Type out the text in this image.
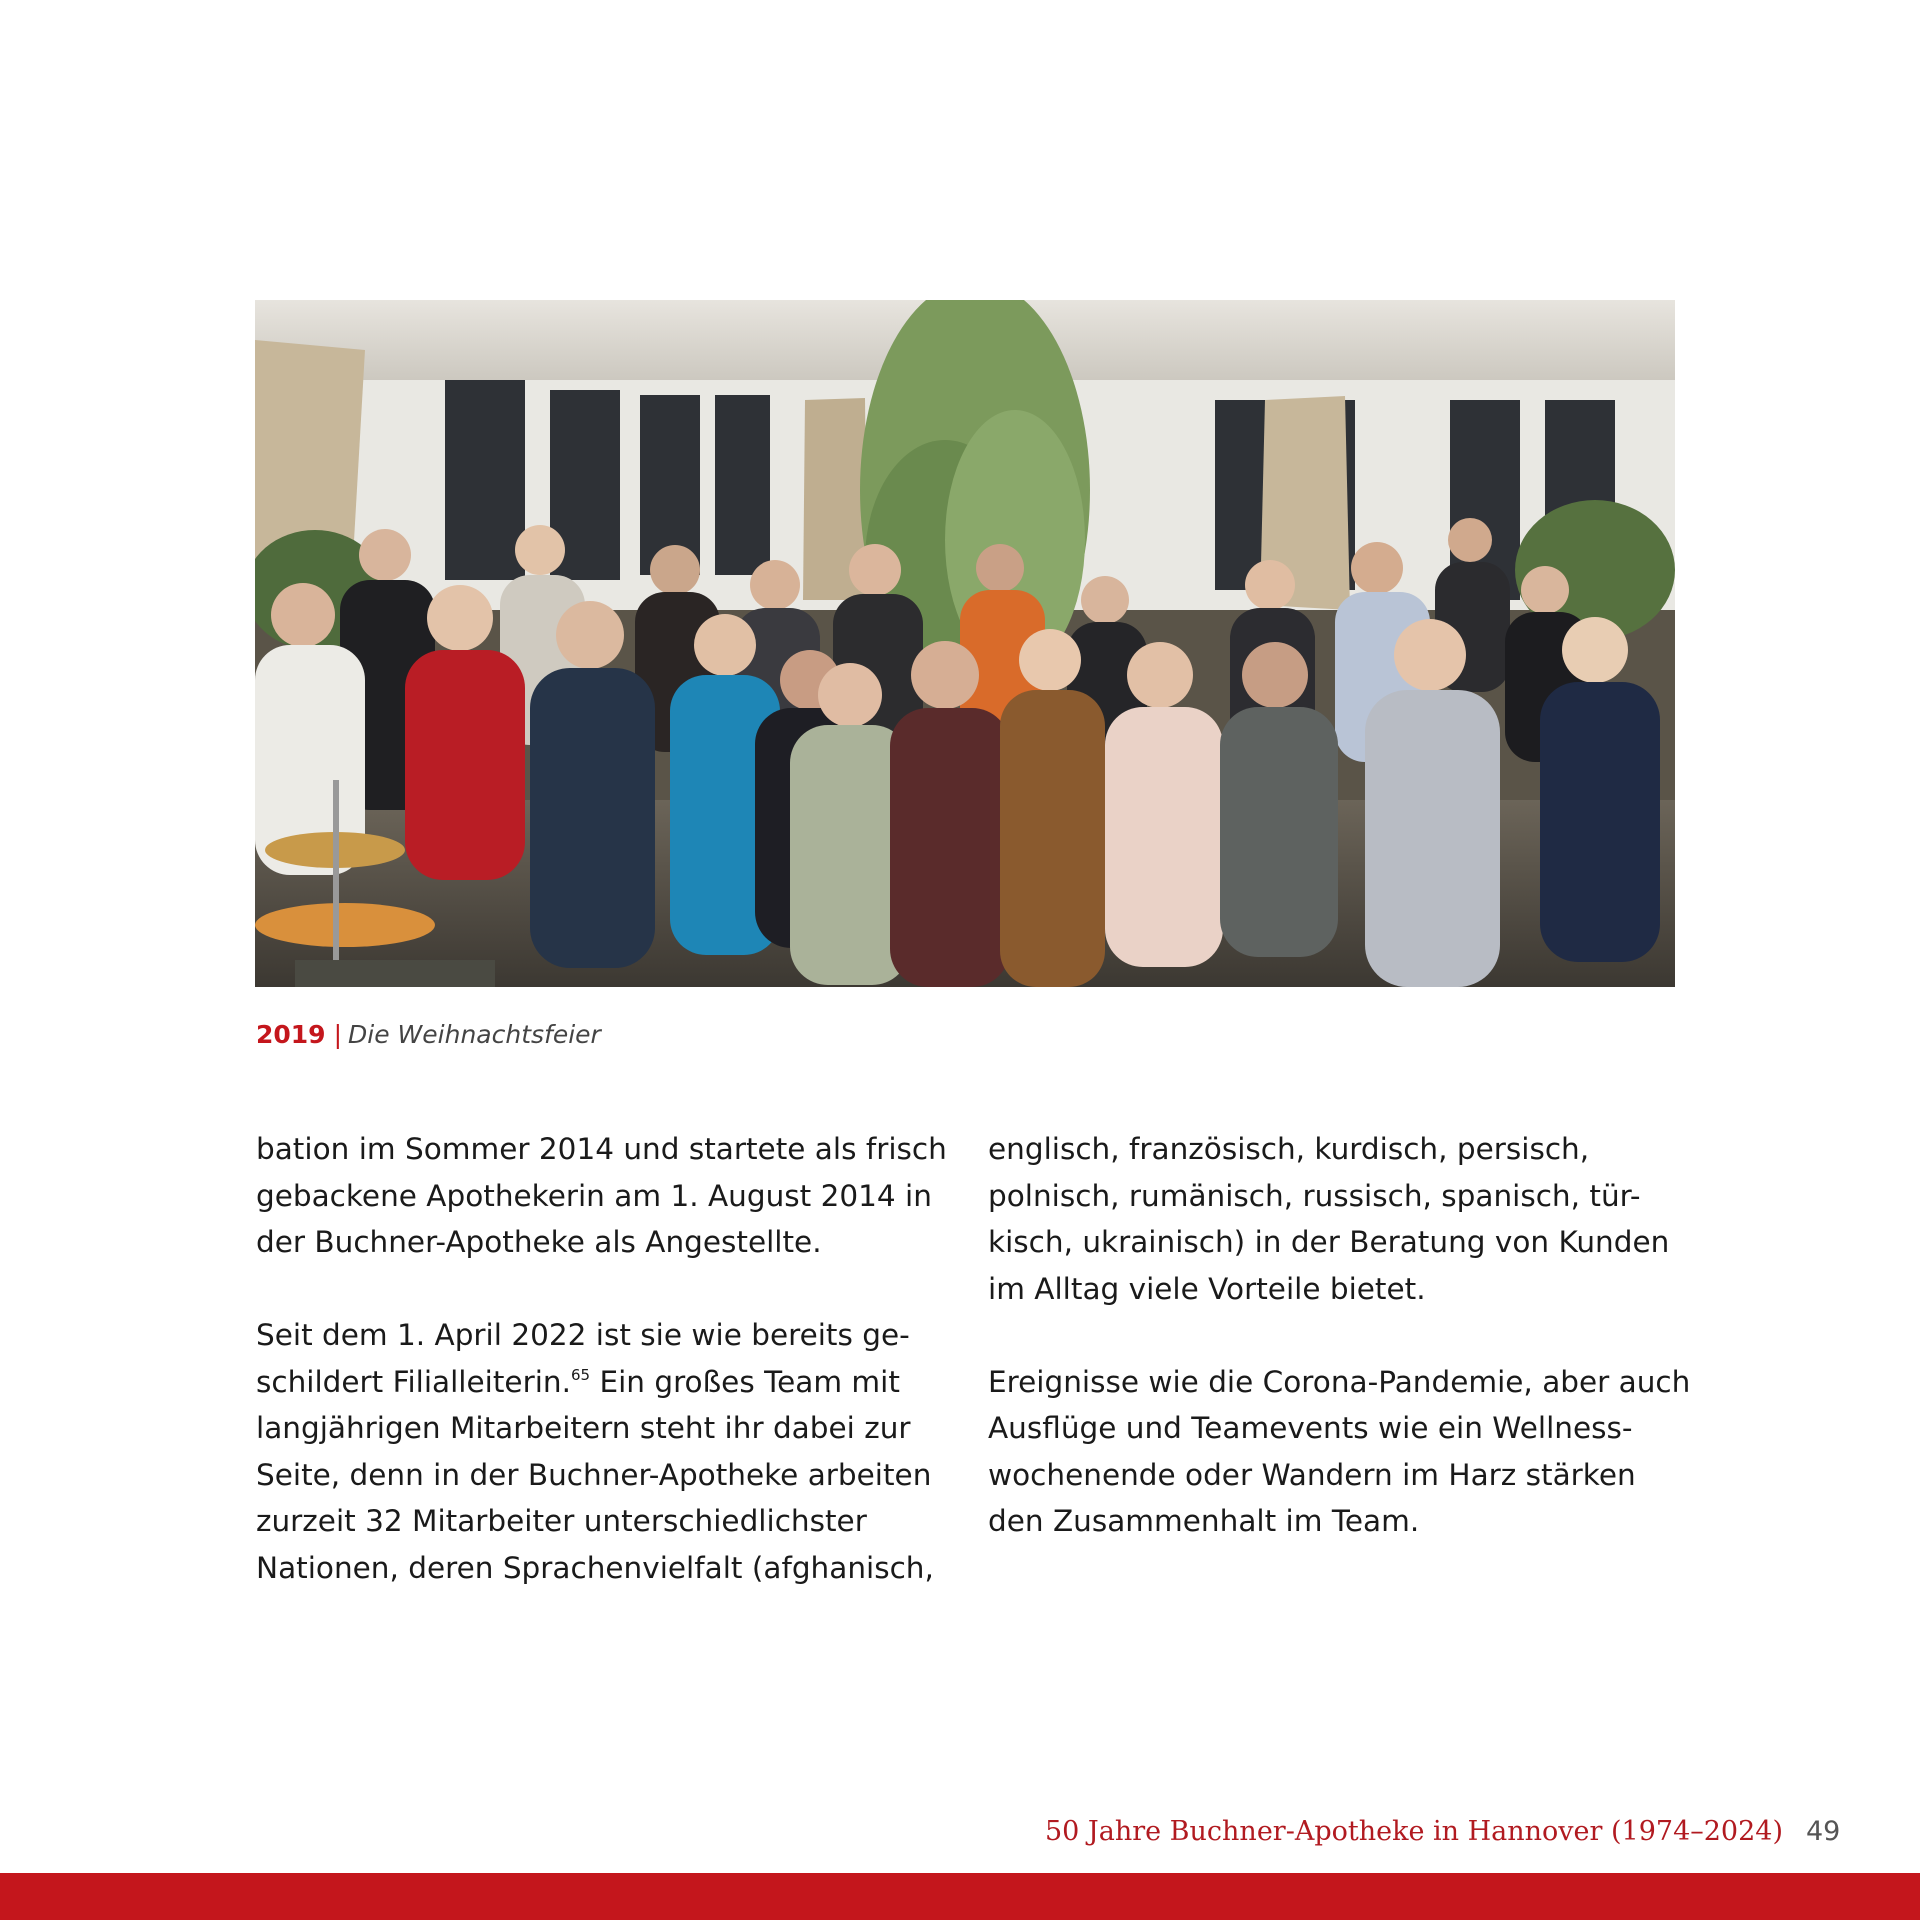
2019 | Die Weihnachtsfeier

bation im Sommer 2014 und startete als frisch
gebackene Apothekerin am 1. August 2014 in
der Buchner-Apotheke als Angestellte.

Seit dem 1. April 2022 ist sie wie bereits ge-
schildert Filialleiterin.$^{65}$ Ein großes Team mit
langjährigen Mitarbeitern steht ihr dabei zur
Seite, denn in der Buchner-Apotheke arbeiten
zurzeit 32 Mitarbeiter unterschiedlichster
Nationen, deren Sprachenvielfalt (afghanisch,

englisch, französisch, kurdisch, persisch,
polnisch, rumänisch, russisch, spanisch, tür-
kisch, ukrainisch) in der Beratung von Kunden
im Alltag viele Vorteile bietet.

Ereignisse wie die Corona-Pandemie, aber auch
Ausflüge und Teamevents wie ein Wellness-
wochenende oder Wandern im Harz stärken
den Zusammenhalt im Team.

50 Jahre Buchner-Apotheke in Hannover (1974–2024) 49
